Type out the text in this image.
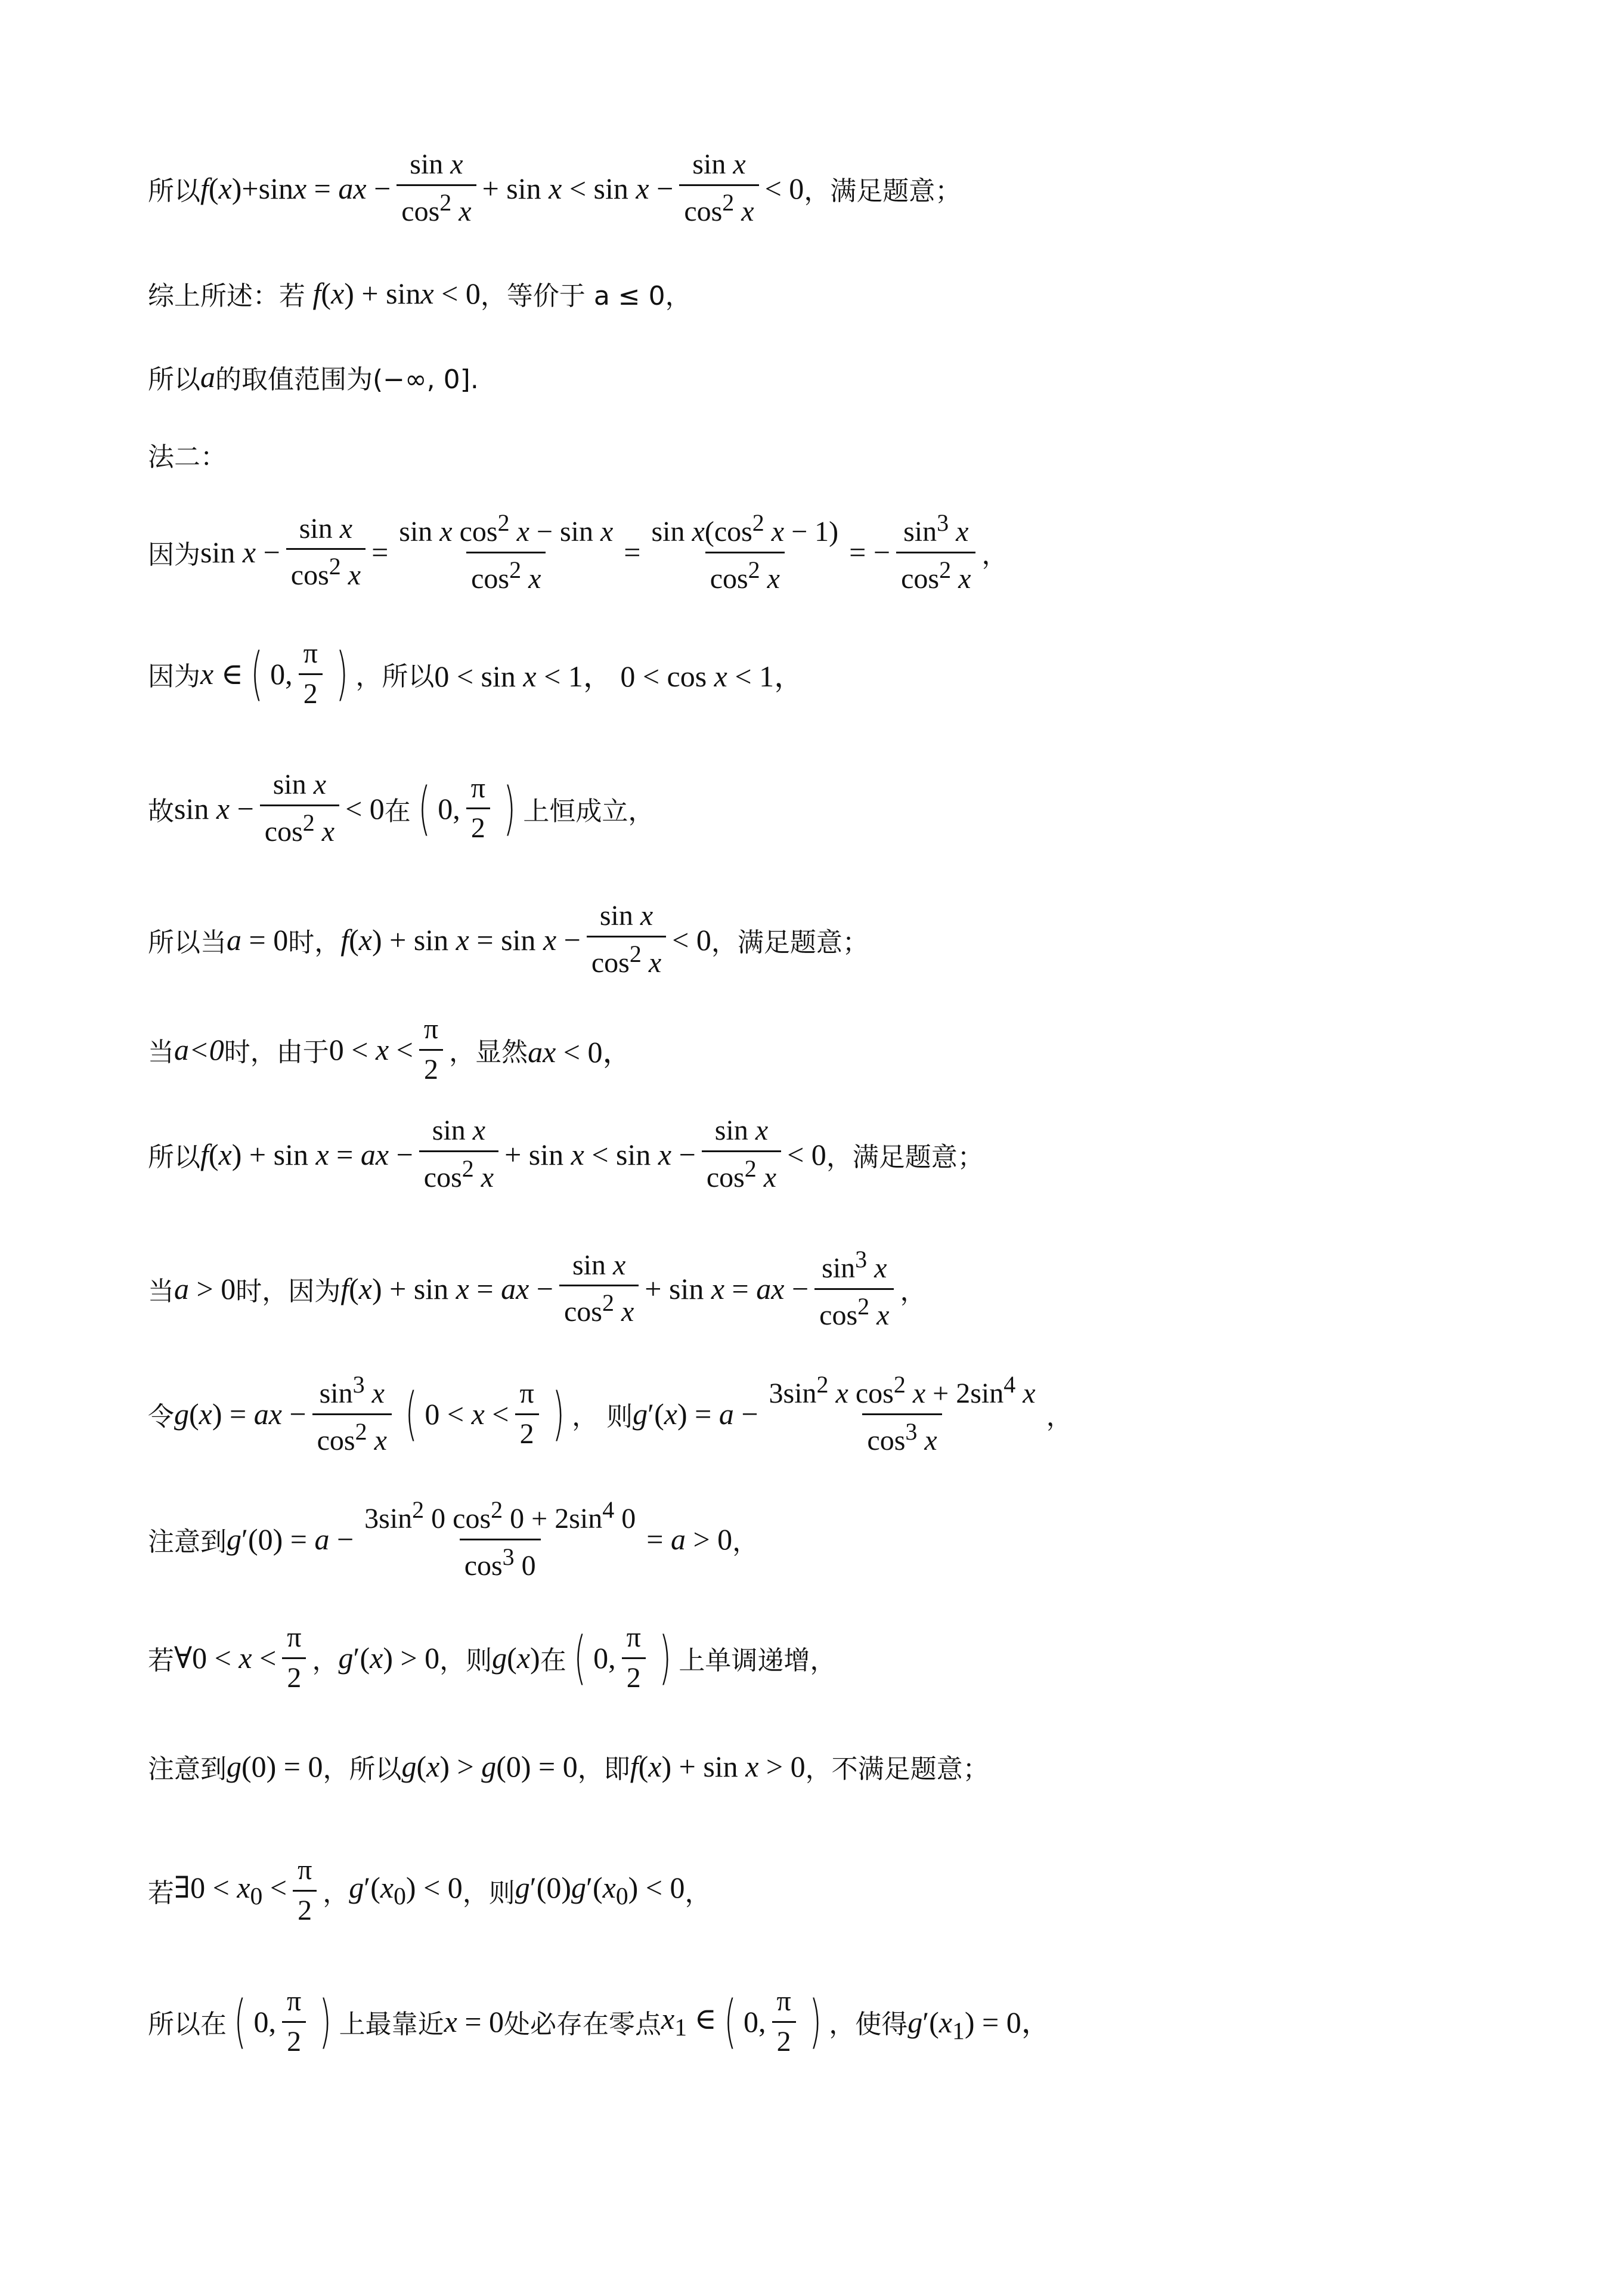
所以 f ( x )+sin x = ax − $\frac{\text{sin x}}{\cos^2 x} + \sin x < \sin x - \frac{\text{sin x}}{\cos^2 x} < 0$ ，满足题意；
综上所述：若 f(x) + sinx < 0 ，等价于 a ≤ 0，
所以 a 的取值范围为(−∞, 0].
法二：
因为 $\sin x - \frac{\text{sin x}}{\cos^2 x} = \frac{\sin x \cos^2 x - \sin x}{\cos^2 x} = \frac{\sin x(\cos^2 x - 1)}{\cos^2 x}$ = − $\frac{\sin^3 x}{\cos^2 x}$ ，
因为 x ∈ ( 0, $\frac{\pi}{2}$ ) ，所以 0 < sin x < 1， 0 < cos x < 1，
故 $\sin x - \frac{\text{sin x}}{\cos^2 x} < 0$ 在 ( 0, $\frac{\pi}{2}$ ) 上恒成立，
所以当 a = 0 时， $f(x) + \sin x = \sin x - \frac{\text{sin x}}{\cos^2 x} < 0$ ，满足题意；
当 a<0 时，由于 $0 < x < \frac{\pi}{2}$ ，显然 ax < 0，
所以 f(x) + sin x = ax − $\frac{\text{sin x}}{\cos^2 x} + \sin x < \sin x - \frac{\text{sin x}}{\cos^2 x} < 0$ ，满足题意；
当 a > 0 时，因为 f(x) + sin x = ax − $\frac{\text{sin x}}{\cos^2 x} + \sin x$ = ax − $\frac{\sin^3 x}{\cos^2 x}$ ，
令 g(x) = ax − $\frac{\sin^3 x}{\cos^2 x}$ ( $0 < x < \frac{\pi}{2}$ ) ， 则 $g'(x) = a - \frac{3\sin^2 x \cos^2 x + 2\sin^4 x}{\cos^3 x}$ ，
注意到 $g'(0) = a - \frac{3\sin^2 0 \cos^2 0 + 2\sin^4 0}{\cos^3 0} = a > 0$ ，
若 ∀0 < $x < \frac{\pi}{2}$ ， g′(x) > 0 ，则 g(x) 在 ( 0, $\frac{\pi}{2}$ ) 上单调递增，
注意到 g(0) = 0 ，所以 g(x) > g(0) = 0 ，即 f(x) + sin x > 0 ，不满足题意；
若 ∃0 < $x_0 < \frac{\pi}{2}$ ， $g'(x_0) < 0$ ，则 $g'(0)g'(x_0) < 0$ ，
所以在 ( 0, $\frac{\pi}{2}$ ) 上最靠近 x = 0 处必存在零点 $x_1$ ∈ ( 0, $\frac{\pi}{2}$ ) ，使得 $g'(x_1) = 0$，
